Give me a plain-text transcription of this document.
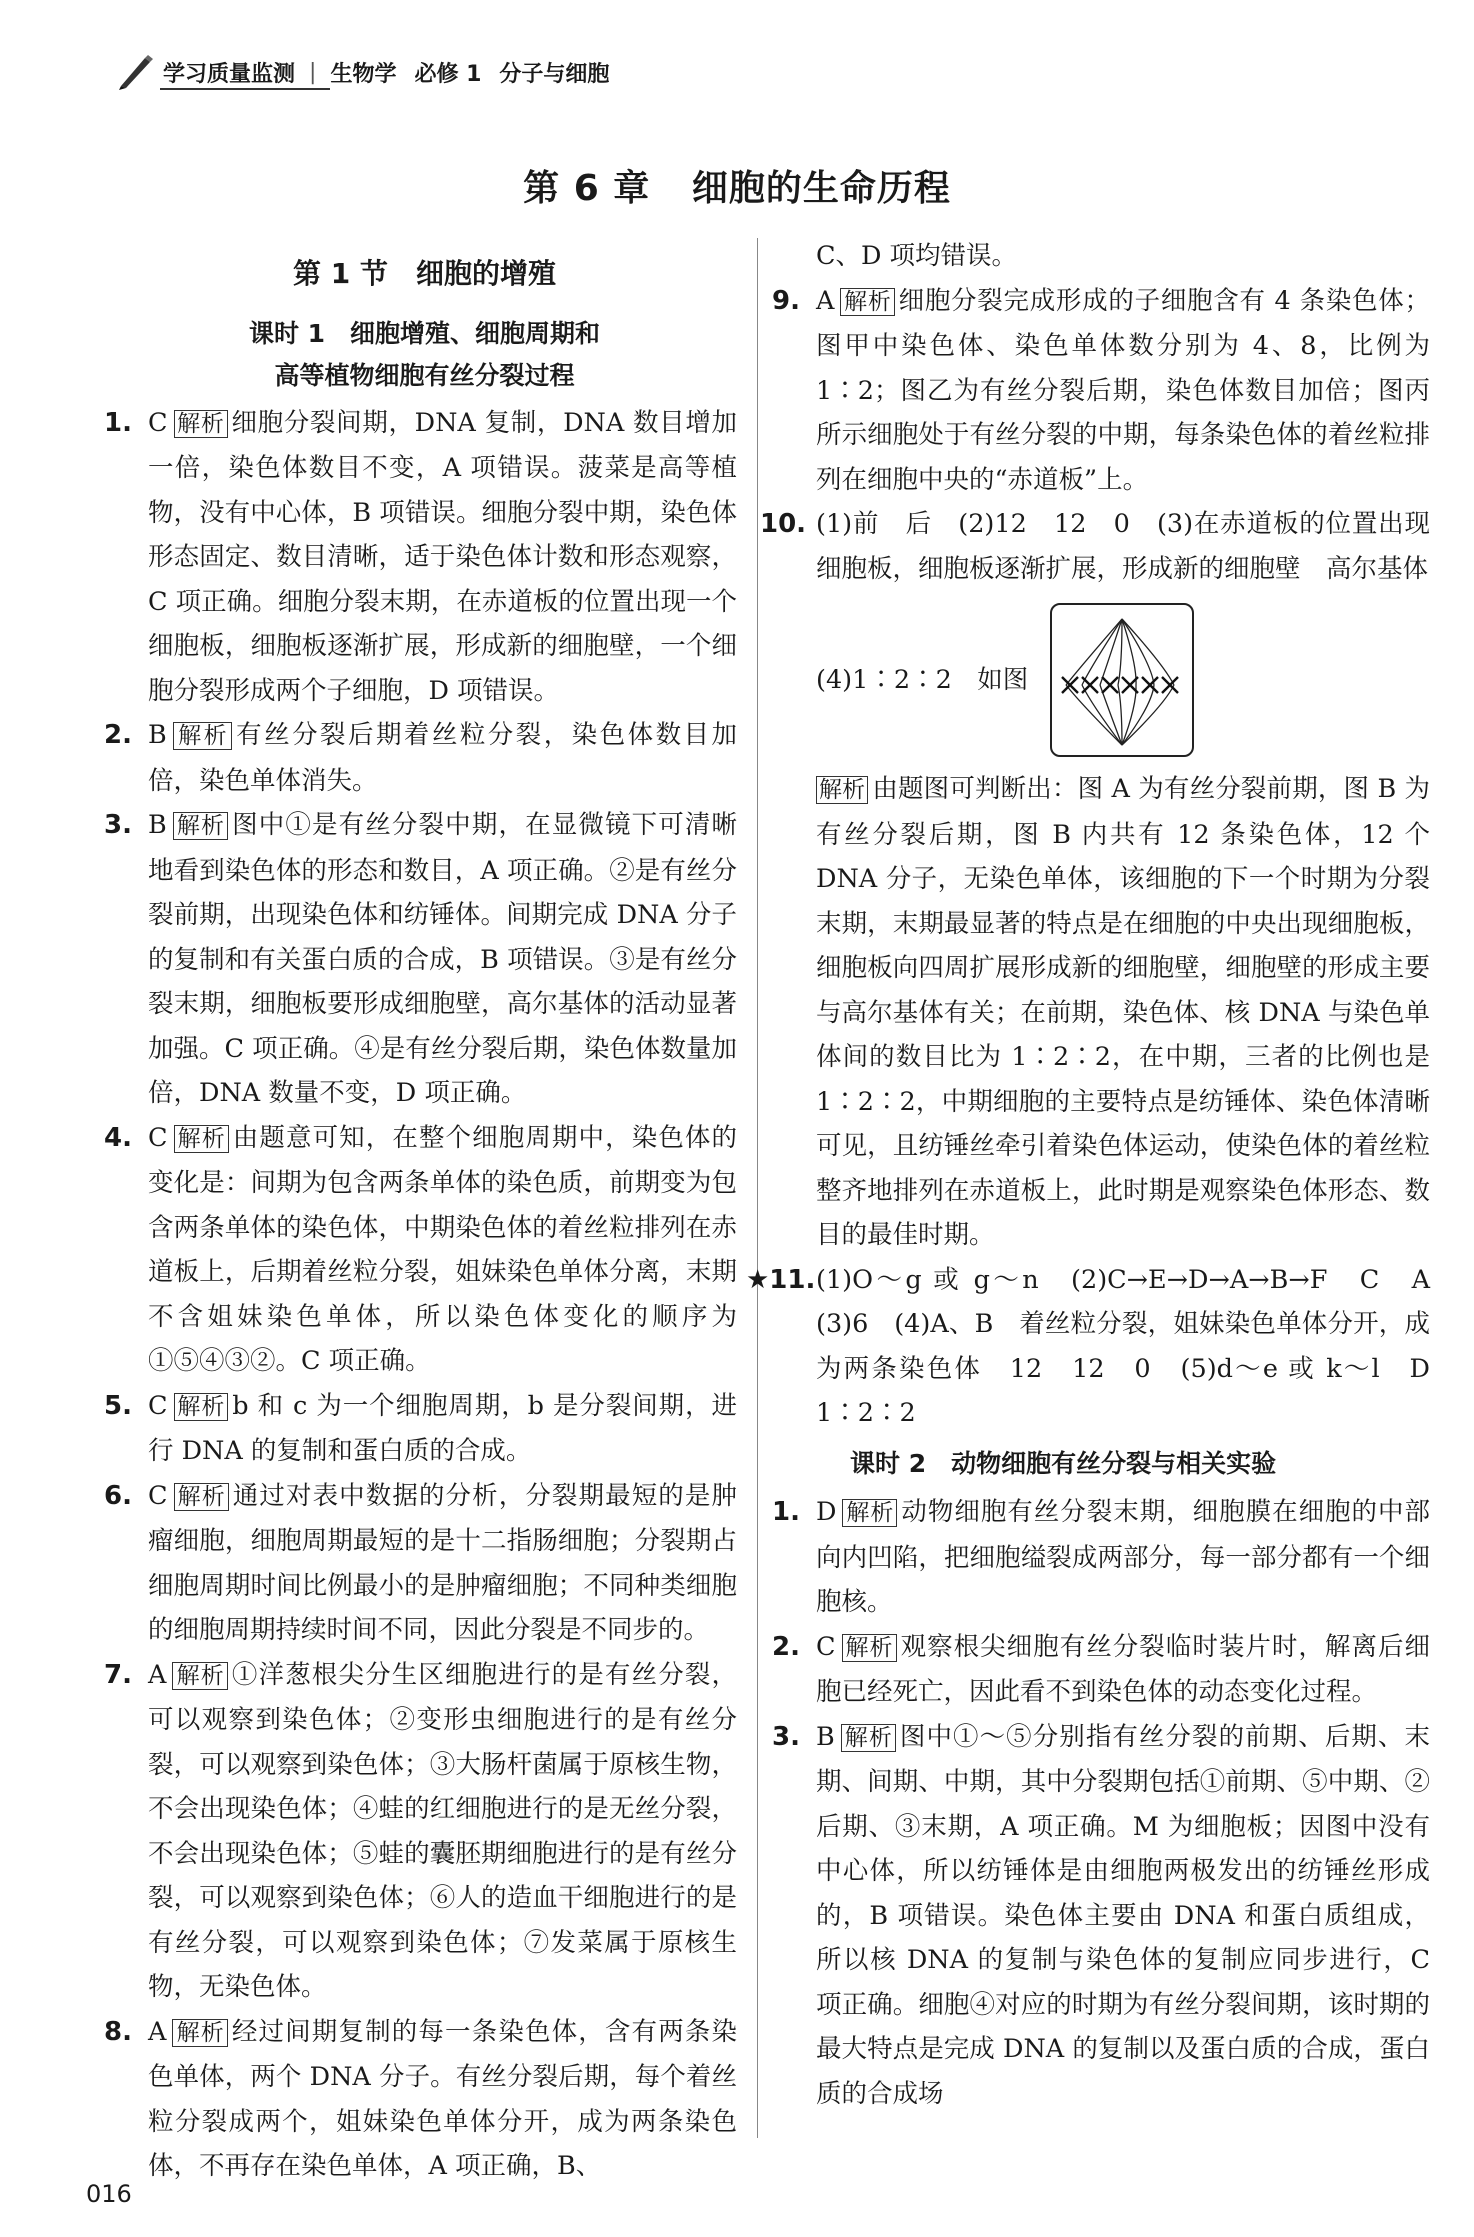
学习质量监测 | 生物学 必修 1 分子与细胞
第 6 章 细胞的生命历程
第 1 节　细胞的增殖
课时 1　细胞增殖、细胞周期和
高等植物细胞有丝分裂过程
1. C 解析 细胞分裂间期，DNA 复制，DNA 数目增加一倍，染色体数目不变，A 项错误。菠菜是高等植物，没有中心体，B 项错误。细胞分裂中期，染色体形态固定、数目清晰，适于染色体计数和形态观察，C 项正确。细胞分裂末期，在赤道板的位置出现一个细胞板，细胞板逐渐扩展，形成新的细胞壁，一个细胞分裂形成两个子细胞，D 项错误。
2. B 解析 有丝分裂后期着丝粒分裂，染色体数目加倍，染色单体消失。
3. B 解析 图中①是有丝分裂中期，在显微镜下可清晰地看到染色体的形态和数目，A 项正确。②是有丝分裂前期，出现染色体和纺锤体。间期完成 DNA 分子的复制和有关蛋白质的合成，B 项错误。③是有丝分裂末期，细胞板要形成细胞壁，高尔基体的活动显著加强。C 项正确。④是有丝分裂后期，染色体数量加倍，DNA 数量不变，D 项正确。
4. C 解析 由题意可知，在整个细胞周期中，染色体的变化是：间期为包含两条单体的染色质，前期变为包含两条单体的染色体，中期染色体的着丝粒排列在赤道板上，后期着丝粒分裂，姐妹染色单体分离，末期不含姐妹染色单体，所以染色体变化的顺序为①⑤④③②。C 项正确。
5. C 解析 b 和 c 为一个细胞周期，b 是分裂间期，进行 DNA 的复制和蛋白质的合成。
6. C 解析 通过对表中数据的分析，分裂期最短的是肿瘤细胞，细胞周期最短的是十二指肠细胞；分裂期占细胞周期时间比例最小的是肿瘤细胞；不同种类细胞的细胞周期持续时间不同，因此分裂是不同步的。
7. A 解析 ①洋葱根尖分生区细胞进行的是有丝分裂，可以观察到染色体；②变形虫细胞进行的是有丝分裂，可以观察到染色体；③大肠杆菌属于原核生物，不会出现染色体；④蛙的红细胞进行的是无丝分裂，不会出现染色体；⑤蛙的囊胚期细胞进行的是有丝分裂，可以观察到染色体；⑥人的造血干细胞进行的是有丝分裂，可以观察到染色体；⑦发菜属于原核生物，无染色体。
8. A 解析 经过间期复制的每一条染色体，含有两条染色单体，两个 DNA 分子。有丝分裂后期，每个着丝粒分裂成两个，姐妹染色单体分开，成为两条染色体，不再存在染色单体，A 项正确，B、
C、D 项均错误。
9. A 解析 细胞分裂完成形成的子细胞含有 4 条染色体；图甲中染色体、染色单体数分别为 4、8，比例为 1∶2；图乙为有丝分裂后期，染色体数目加倍；图丙所示细胞处于有丝分裂的中期，每条染色体的着丝粒排列在细胞中央的“赤道板”上。
10. (1)前　后　(2)12　12　0　(3)在赤道板的位置出现细胞板，细胞板逐渐扩展，形成新的细胞壁　高尔基体
(4)1∶2∶2　如图
解析 由题图可判断出：图 A 为有丝分裂前期，图 B 为有丝分裂后期，图 B 内共有 12 条染色体，12 个 DNA 分子，无染色单体，该细胞的下一个时期为分裂末期，末期最显著的特点是在细胞的中央出现细胞板，细胞板向四周扩展形成新的细胞壁，细胞壁的形成主要与高尔基体有关；在前期，染色体、核 DNA 与染色单体间的数目比为 1∶2∶2，在中期，三者的比例也是 1∶2∶2，中期细胞的主要特点是纺锤体、染色体清晰可见，且纺锤丝牵引着染色体运动，使染色体的着丝粒整齐地排列在赤道板上，此时期是观察染色体形态、数目的最佳时期。
★11. (1)O～g 或 g～n　(2)C→E→D→A→B→F　C　A　(3)6　(4)A、B　着丝粒分裂，姐妹染色单体分开，成为两条染色体　12　12　0　(5)d～e 或 k～l　D　1∶2∶2
课时 2　动物细胞有丝分裂与相关实验
1. D 解析 动物细胞有丝分裂末期，细胞膜在细胞的中部向内凹陷，把细胞缢裂成两部分，每一部分都有一个细胞核。
2. C 解析 观察根尖细胞有丝分裂临时装片时，解离后细胞已经死亡，因此看不到染色体的动态变化过程。
3. B 解析 图中①～⑤分别指有丝分裂的前期、后期、末期、间期、中期，其中分裂期包括①前期、⑤中期、②后期、③末期，A 项正确。M 为细胞板；因图中没有中心体，所以纺锤体是由细胞两极发出的纺锤丝形成的，B 项错误。染色体主要由 DNA 和蛋白质组成，所以核 DNA 的复制与染色体的复制应同步进行，C 项正确。细胞④对应的时期为有丝分裂间期，该时期的最大特点是完成 DNA 的复制以及蛋白质的合成，蛋白质的合成场
016
